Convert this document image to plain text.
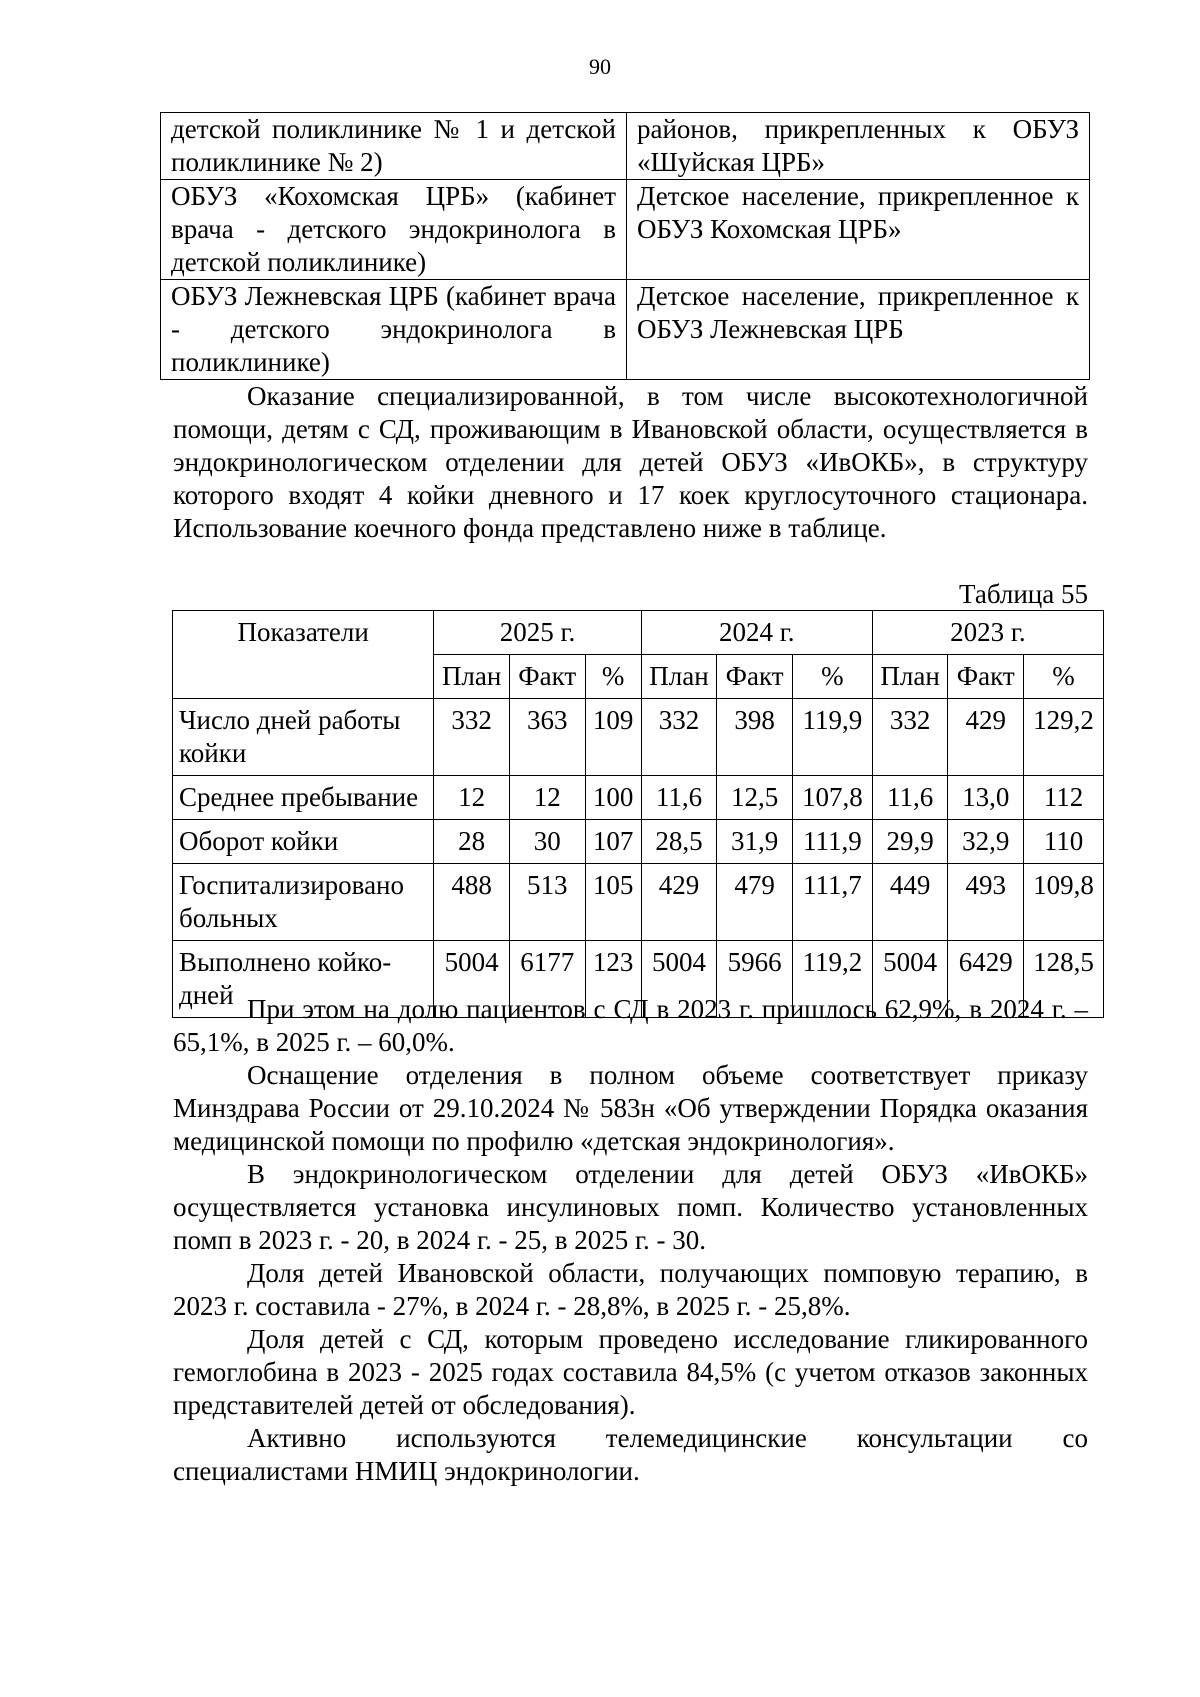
90
детской поликлинике № 1 и детской поликлинике № 2)	районов, прикрепленных к ОБУЗ «Шуйская ЦРБ»
ОБУЗ «Кохомская ЦРБ» (кабинет врача - детского эндокринолога в детской поликлинике)	Детское население, прикрепленное к ОБУЗ Кохомская ЦРБ»
ОБУЗ Лежневская ЦРБ (кабинет врача - детского эндокринолога в поликлинике)	Детское население, прикрепленное к ОБУЗ Лежневская ЦРБ

Оказание специализированной, в том числе высокотехнологичной помощи, детям с СД, проживающим в Ивановской области, осуществляется в эндокринологическом отделении для детей ОБУЗ «ИвОКБ», в структуру которого входят 4 койки дневного и 17 коек круглосуточного стационара. Использование коечного фонда представлено ниже в таблице.

Таблица 55
Показатели	2025 г.			2024 г.			2023 г.		
	План	Факт	%	План	Факт	%	План	Факт	%
Число дней работы койки	332	363	109	332	398	119,9	332	429	129,2
Среднее пребывание	12	12	100	11,6	12,5	107,8	11,6	13,0	112
Оборот койки	28	30	107	28,5	31,9	111,9	29,9	32,9	110
Госпитализировано больных	488	513	105	429	479	111,7	449	493	109,8
Выполнено койко-дней	5004	6177	123	5004	5966	119,2	5004	6429	128,5

При этом на долю пациентов с СД в 2023 г. пришлось 62,9%, в 2024 г. – 65,1%, в 2025 г. – 60,0%.

Оснащение отделения в полном объеме соответствует приказу Минздрава России от 29.10.2024 № 583н «Об утверждении Порядка оказания медицинской помощи по профилю «детская эндокринология».

В эндокринологическом отделении для детей ОБУЗ «ИвОКБ» осуществляется установка инсулиновых помп. Количество установленных помп в 2023 г. - 20, в 2024 г. - 25, в 2025 г. - 30.

Доля детей Ивановской области, получающих помповую терапию, в 2023 г. составила - 27%, в 2024 г. - 28,8%, в 2025 г. - 25,8%.

Доля детей с СД, которым проведено исследование гликированного гемоглобина в 2023 - 2025 годах составила 84,5% (с учетом отказов законных представителей детей от обследования).

Активно используются телемедицинские консультации со специалистами НМИЦ эндокринологии.
